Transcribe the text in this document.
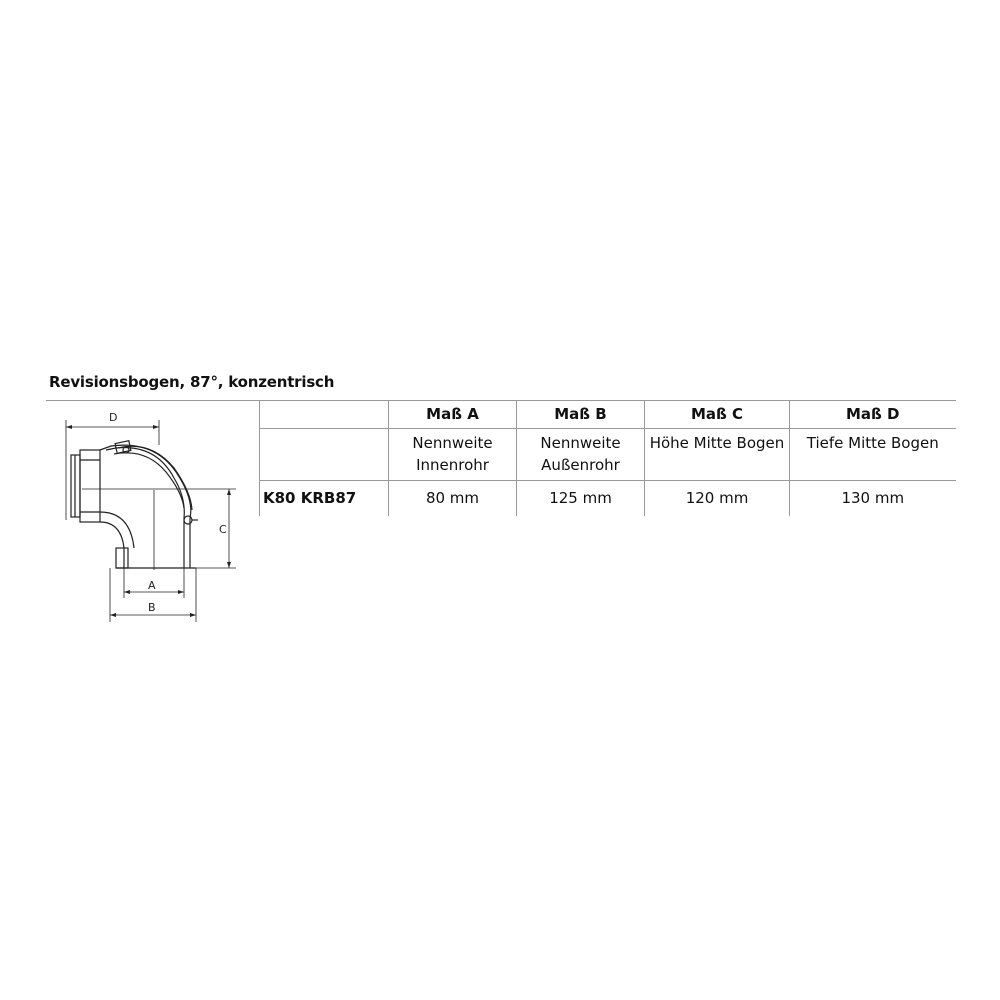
Revisionsbogen, 87°, konzentrisch
D
A
B
C
	Maß A	Maß B	Maß C	Maß D
	Nennweite Innenrohr	Nennweite Außenrohr	Höhe Mitte Bogen	Tiefe Mitte Bogen
K80 KRB87	80 mm	125 mm	120 mm	130 mm
